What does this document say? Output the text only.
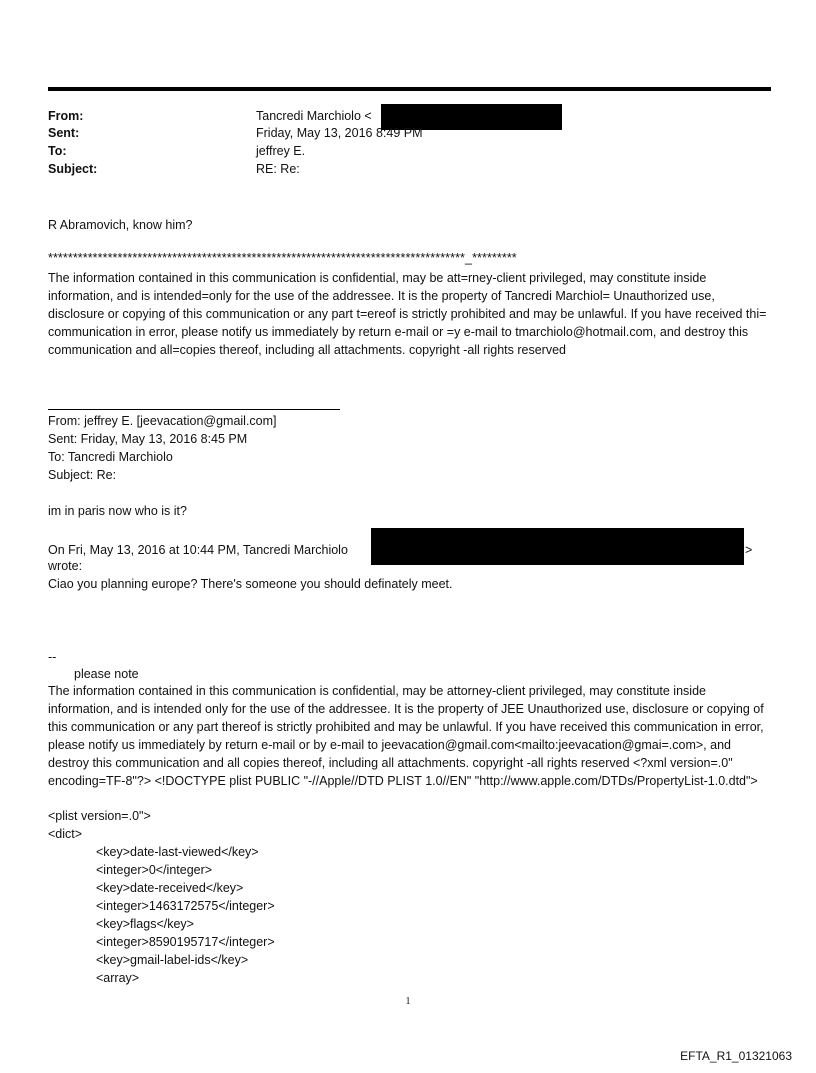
From:	Tancredi Marchiolo <
Sent:	Friday, May 13, 2016 8:49 PM
To:	jeffrey E.
Subject:	RE: Re:
R Abramovich, know him?
************************************************************************************_*********
The information contained in this communication is confidential, may be att=rney-client privileged, may constitute inside information, and is intended=only for the use of the addressee. It is the property of Tancredi Marchiol= Unauthorized use, disclosure or copying of this communication or any part t=ereof is strictly prohibited and may be unlawful. If you have received thi= communication in error, please notify us immediately by return e-mail or =y e-mail to tmarchiolo@hotmail.com, and destroy this communication and all=copies thereof, including all attachments. copyright -all rights reserved
From: jeffrey E. [jeevacation@gmail.com]
Sent: Friday, May 13, 2016 8:45 PM
To: Tancredi Marchiolo
Subject: Re:
im in paris now who is it?
On Fri, May 13, 2016 at 10:44 PM, Tancredi Marchiolo	>
wrote:
Ciao you planning europe? There's someone you should definately meet.
--
please note
The information contained in this communication is confidential, may be attorney-client privileged, may constitute inside information, and is intended only for the use of the addressee. It is the property of JEE Unauthorized use, disclosure or copying of this communication or any part thereof is strictly prohibited and may be unlawful. If you have received this communication in error, please notify us immediately by return e-mail or by e-mail to jeevacation@gmail.com<mailto:jeevacation@gmai=.com>, and destroy this communication and all copies thereof, including all attachments. copyright -all rights reserved <?xml version=.0" encoding=TF-8"?> <!DOCTYPE plist PUBLIC "-//Apple//DTD PLIST 1.0//EN" "http://www.apple.com/DTDs/PropertyList-1.0.dtd">
<plist version=.0">
<dict>
<key>date-last-viewed</key>
<integer>0</integer>
<key>date-received</key>
<integer>1463172575</integer>
<key>flags</key>
<integer>8590195717</integer>
<key>gmail-label-ids</key>
<array>
1
EFTA_R1_01321063
